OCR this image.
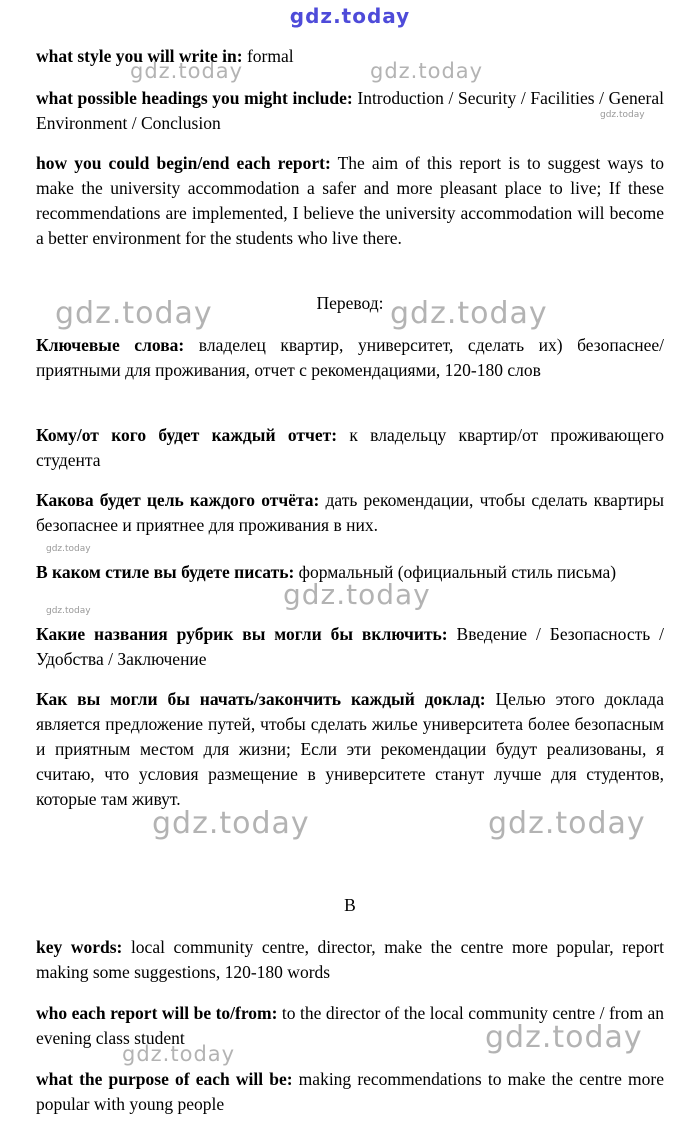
gdz.today
gdz.today	gdz.today
gdz.today
gdz.today	gdz.today
gdz.today
gdz.today
gdz.today
gdz.today	gdz.today
gdz.today
gdz.today
what style you will write in: formal
what possible headings you might include: Introduction / Security / Facilities / General Environment / Conclusion
how you could begin/end each report: The aim of this report is to suggest ways to make the university accommodation a safer and more pleasant place to live; If these recommendations are implemented, I believe the university accommodation will become a better environment for the students who live there.
Перевод:
Ключевые слова: владелец квартир, университет, сделать их) безопаснее/ приятными для проживания, отчет с рекомендациями, 120-180 слов
Кому/от кого будет каждый отчет: к владельцу квартир/от проживающего студента
Какова будет цель каждого отчёта: дать рекомендации, чтобы сделать квартиры безопаснее и приятнее для проживания в них.
В каком стиле вы будете писать: формальный (официальный стиль письма)
Какие названия рубрик вы могли бы включить: Введение / Безопасность / Удобства / Заключение
Как вы могли бы начать/закончить каждый доклад: Целью этого доклада является предложение путей, чтобы сделать жилье университета более безопасным и приятным местом для жизни; Если эти рекомендации будут реализованы, я считаю, что условия размещение в университете станут лучше для студентов, которые там живут.
B
key words: local community centre, director, make the centre more popular, report making some suggestions, 120-180 words
who each report will be to/from: to the director of the local community centre / from an evening class student
what the purpose of each will be: making recommendations to make the centre more popular with young people
